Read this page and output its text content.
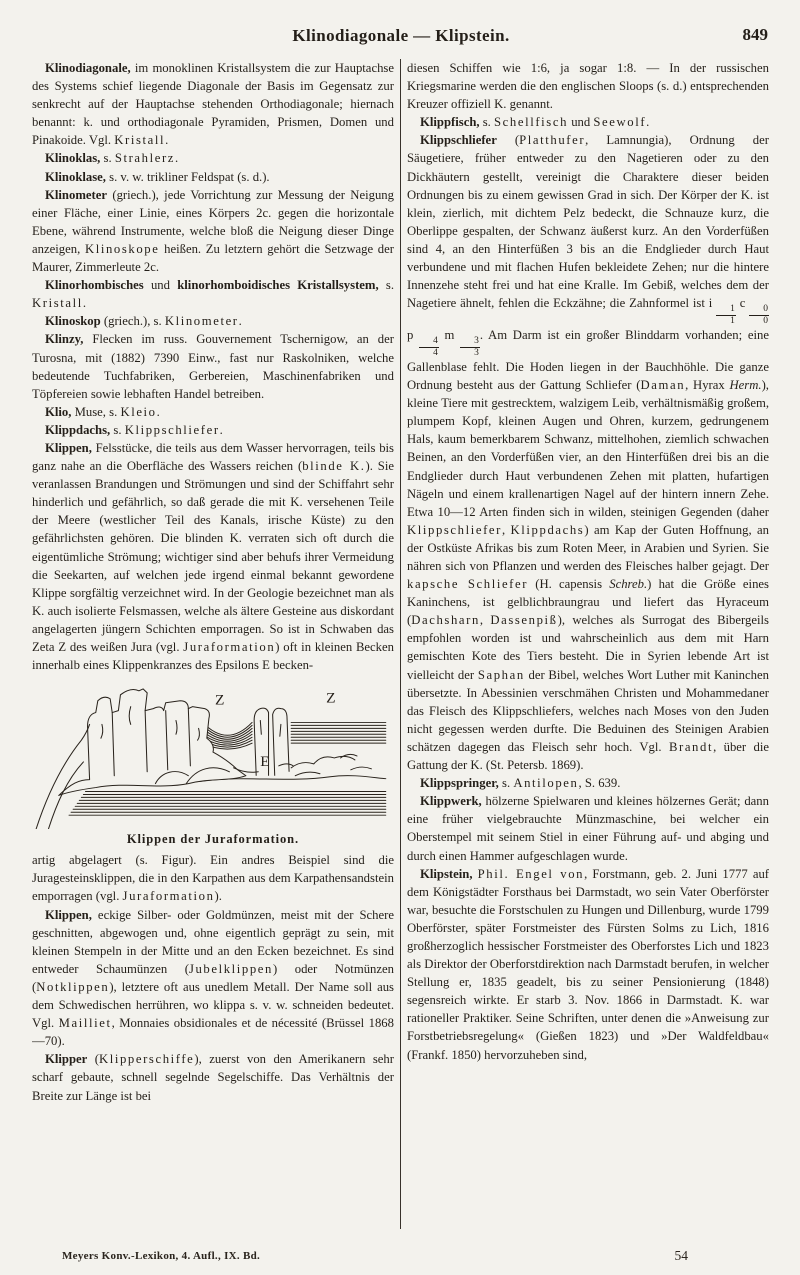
Klinodiagonale — Klipstein.	849

Klinodiagonale, im monoklinen Kristallsystem die zur Hauptachse des Systems schief liegende Diagonale der Basis im Gegensatz zur senkrecht auf der Hauptachse stehenden Orthodiagonale; hiernach benannt: k. und orthodiagonale Pyramiden, Prismen, Domen und Pinakoide. Vgl. Kristall.

Klinoklas, s. Strahlerz.

Klinoklase, s. v. w. trikliner Feldspat (s. d.).

Klinometer (griech.), jede Vorrichtung zur Messung der Neigung einer Fläche, einer Linie, eines Körpers 2c. gegen die horizontale Ebene, während Instrumente, welche bloß die Neigung dieser Dinge anzeigen, Klinoskope heißen. Zu letztern gehört die Setzwage der Maurer, Zimmerleute 2c.

Klinorhombisches und klinorhomboidisches Kristallsystem, s. Kristall.

Klinoskop (griech.), s. Klinometer.

Klinzy, Flecken im russ. Gouvernement Tschernigow, an der Turosna, mit (1882) 7390 Einw., fast nur Raskolniken, welche bedeutende Tuchfabriken, Gerbereien, Maschinenfabriken und Töpfereien sowie lebhaften Handel betreiben.

Klio, Muse, s. Kleio.

Klippdachs, s. Klippschliefer.

Klippen, Felsstücke, die teils aus dem Wasser hervorragen, teils bis ganz nahe an die Oberfläche des Wassers reichen (blinde K.). Sie veranlassen Brandungen und Strömungen und sind der Schiffahrt sehr hinderlich und gefährlich, so daß gerade die mit K. versehenen Teile der Meere (westlicher Teil des Kanals, irische Küste) zu den gefährlichsten gehören. Die blinden K. verraten sich oft durch die eigentümliche Strömung; wichtiger sind aber behufs ihrer Vermeidung die Seekarten, auf welchen jede irgend einmal bekannt gewordene Klippe sorgfältig verzeichnet wird. In der Geologie bezeichnet man als K. auch isolierte Felsmassen, welche als ältere Gesteine aus diskordant angelagerten jüngern Schichten emporragen. So ist in Schwaben das Zeta Z des weißen Jura (vgl. Juraformation) oft in kleinen Becken innerhalb eines Klippenkranzes des Epsilons E becken-

Z	Z
E
Klippen der Juraformation.

artig abgelagert (s. Figur). Ein andres Beispiel sind die Juragesteinsklippen, die in den Karpathen aus dem Karpathensandstein emporragen (vgl. Juraformation).

Klippen, eckige Silber- oder Goldmünzen, meist mit der Schere geschnitten, abgewogen und, ohne eigentlich geprägt zu sein, mit kleinen Stempeln in der Mitte und an den Ecken bezeichnet. Es sind entweder Schaumünzen (Jubelklippen) oder Notmünzen (Notklippen), letztere oft aus unedlem Metall. Der Name soll aus dem Schwedischen herrühren, wo klippa s. v. w. schneiden bedeutet. Vgl. Mailliet, Monnaies obsidionales et de nécessité (Brüssel 1868—70).

Klipper (Klipperschiffe), zuerst von den Amerikanern sehr scharf gebaute, schnell segelnde Segelschiffe. Das Verhältnis der Breite zur Länge ist bei

diesen Schiffen wie 1:6, ja sogar 1:8. — In der russischen Kriegsmarine werden die den englischen Sloops (s. d.) entsprechenden Kreuzer offiziell K. genannt.

Klippfisch, s. Schellfisch und Seewolf.

Klippschliefer (Platthufer, Lamnungia), Ordnung der Säugetiere, früher entweder zu den Nagetieren oder zu den Dickhäutern gestellt, vereinigt die Charaktere dieser beiden Ordnungen bis zu einem gewissen Grad in sich. Der Körper der K. ist klein, zierlich, mit dichtem Pelz bedeckt, die Schnauze kurz, die Oberlippe gespalten, der Schwanz äußerst kurz. An den Vorderfüßen sind 4, an den Hinterfüßen 3 bis an die Endglieder durch Haut verbundene und mit flachen Hufen bekleidete Zehen; nur die hintere Innenzehe steht frei und hat eine Kralle. Im Gebiß, welches dem der Nagetiere ähnelt, fehlen die Eckzähne; die Zahnformel ist i
$\frac{1}{1}$
c
$\frac{0}{0}$
p
$\frac{4}{4}$
m
$\frac{3}{3}$
. Am Darm ist ein großer Blinddarm vorhanden; eine Gallenblase fehlt. Die Hoden liegen in der Bauchhöhle. Die ganze Ordnung besteht aus der Gattung Schliefer (Daman, Hyrax Herm.), kleine Tiere mit gestrecktem, walzigem Leib, verhältnismäßig großem, plumpem Kopf, kleinen Augen und Ohren, kurzem, gedrungenem Hals, kaum bemerkbarem Schwanz, mittelhohen, ziemlich schwachen Beinen, an den Vorderfüßen vier, an den Hinterfüßen drei bis an die Endglieder durch Haut verbundenen Zehen mit platten, hufartigen Nägeln und einem krallenartigen Nagel auf der hintern innern Zehe. Etwa 10—12 Arten finden sich in wilden, steinigen Gegenden (daher Klippschliefer, Klippdachs) am Kap der Guten Hoffnung, an der Ostküste Afrikas bis zum Roten Meer, in Arabien und Syrien. Sie nähren sich von Pflanzen und werden des Fleisches halber gejagt. Der kapsche Schliefer (H. capensis Schreb.) hat die Größe eines Kaninchens, ist gelblichbraungrau und liefert das Hyraceum (Dachsharn, Dassenpiß), welches als Surrogat des Bibergeils empfohlen worden ist und wahrscheinlich aus dem mit Harn gemischten Kote des Tiers besteht. Die in Syrien lebende Art ist vielleicht der Saphan der Bibel, welches Wort Luther mit Kaninchen übersetzte. In Abessinien verschmähen Christen und Mohammedaner das Fleisch des Klippschliefers, welches nach Moses von den Juden nicht gegessen werden durfte. Die Beduinen des Steinigen Arabien schätzen dagegen das Fleisch sehr hoch. Vgl. Brandt, über die Gattung der K. (St. Petersb. 1869).

Klippspringer, s. Antilopen, S. 639.

Klippwerk, hölzerne Spielwaren und kleines hölzernes Gerät; dann eine früher vielgebrauchte Münzmaschine, bei welcher ein Oberstempel mit seinem Stiel in einer Führung auf- und abging und durch einen Hammer aufgeschlagen wurde.

Klipstein, Phil. Engel von, Forstmann, geb. 2. Juni 1777 auf dem Königstädter Forsthaus bei Darmstadt, wo sein Vater Oberförster war, besuchte die Forstschulen zu Hungen und Dillenburg, wurde 1799 Oberförster, später Forstmeister des Fürsten Solms zu Lich, 1816 großherzoglich hessischer Forstmeister des Oberforstes Lich und 1823 als Direktor der Oberforstdirektion nach Darmstadt berufen, in welcher Stellung er, 1835 geadelt, bis zu seiner Pensionierung (1848) segensreich wirkte. Er starb 3. Nov. 1866 in Darmstadt. K. war rationeller Praktiker. Seine Schriften, unter denen die »Anweisung zur Forstbetriebsregelung« (Gießen 1823) und »Der Waldfeldbau« (Frankf. 1850) hervorzuheben sind,

Meyers Konv.-Lexikon, 4. Aufl., IX. Bd.	54
